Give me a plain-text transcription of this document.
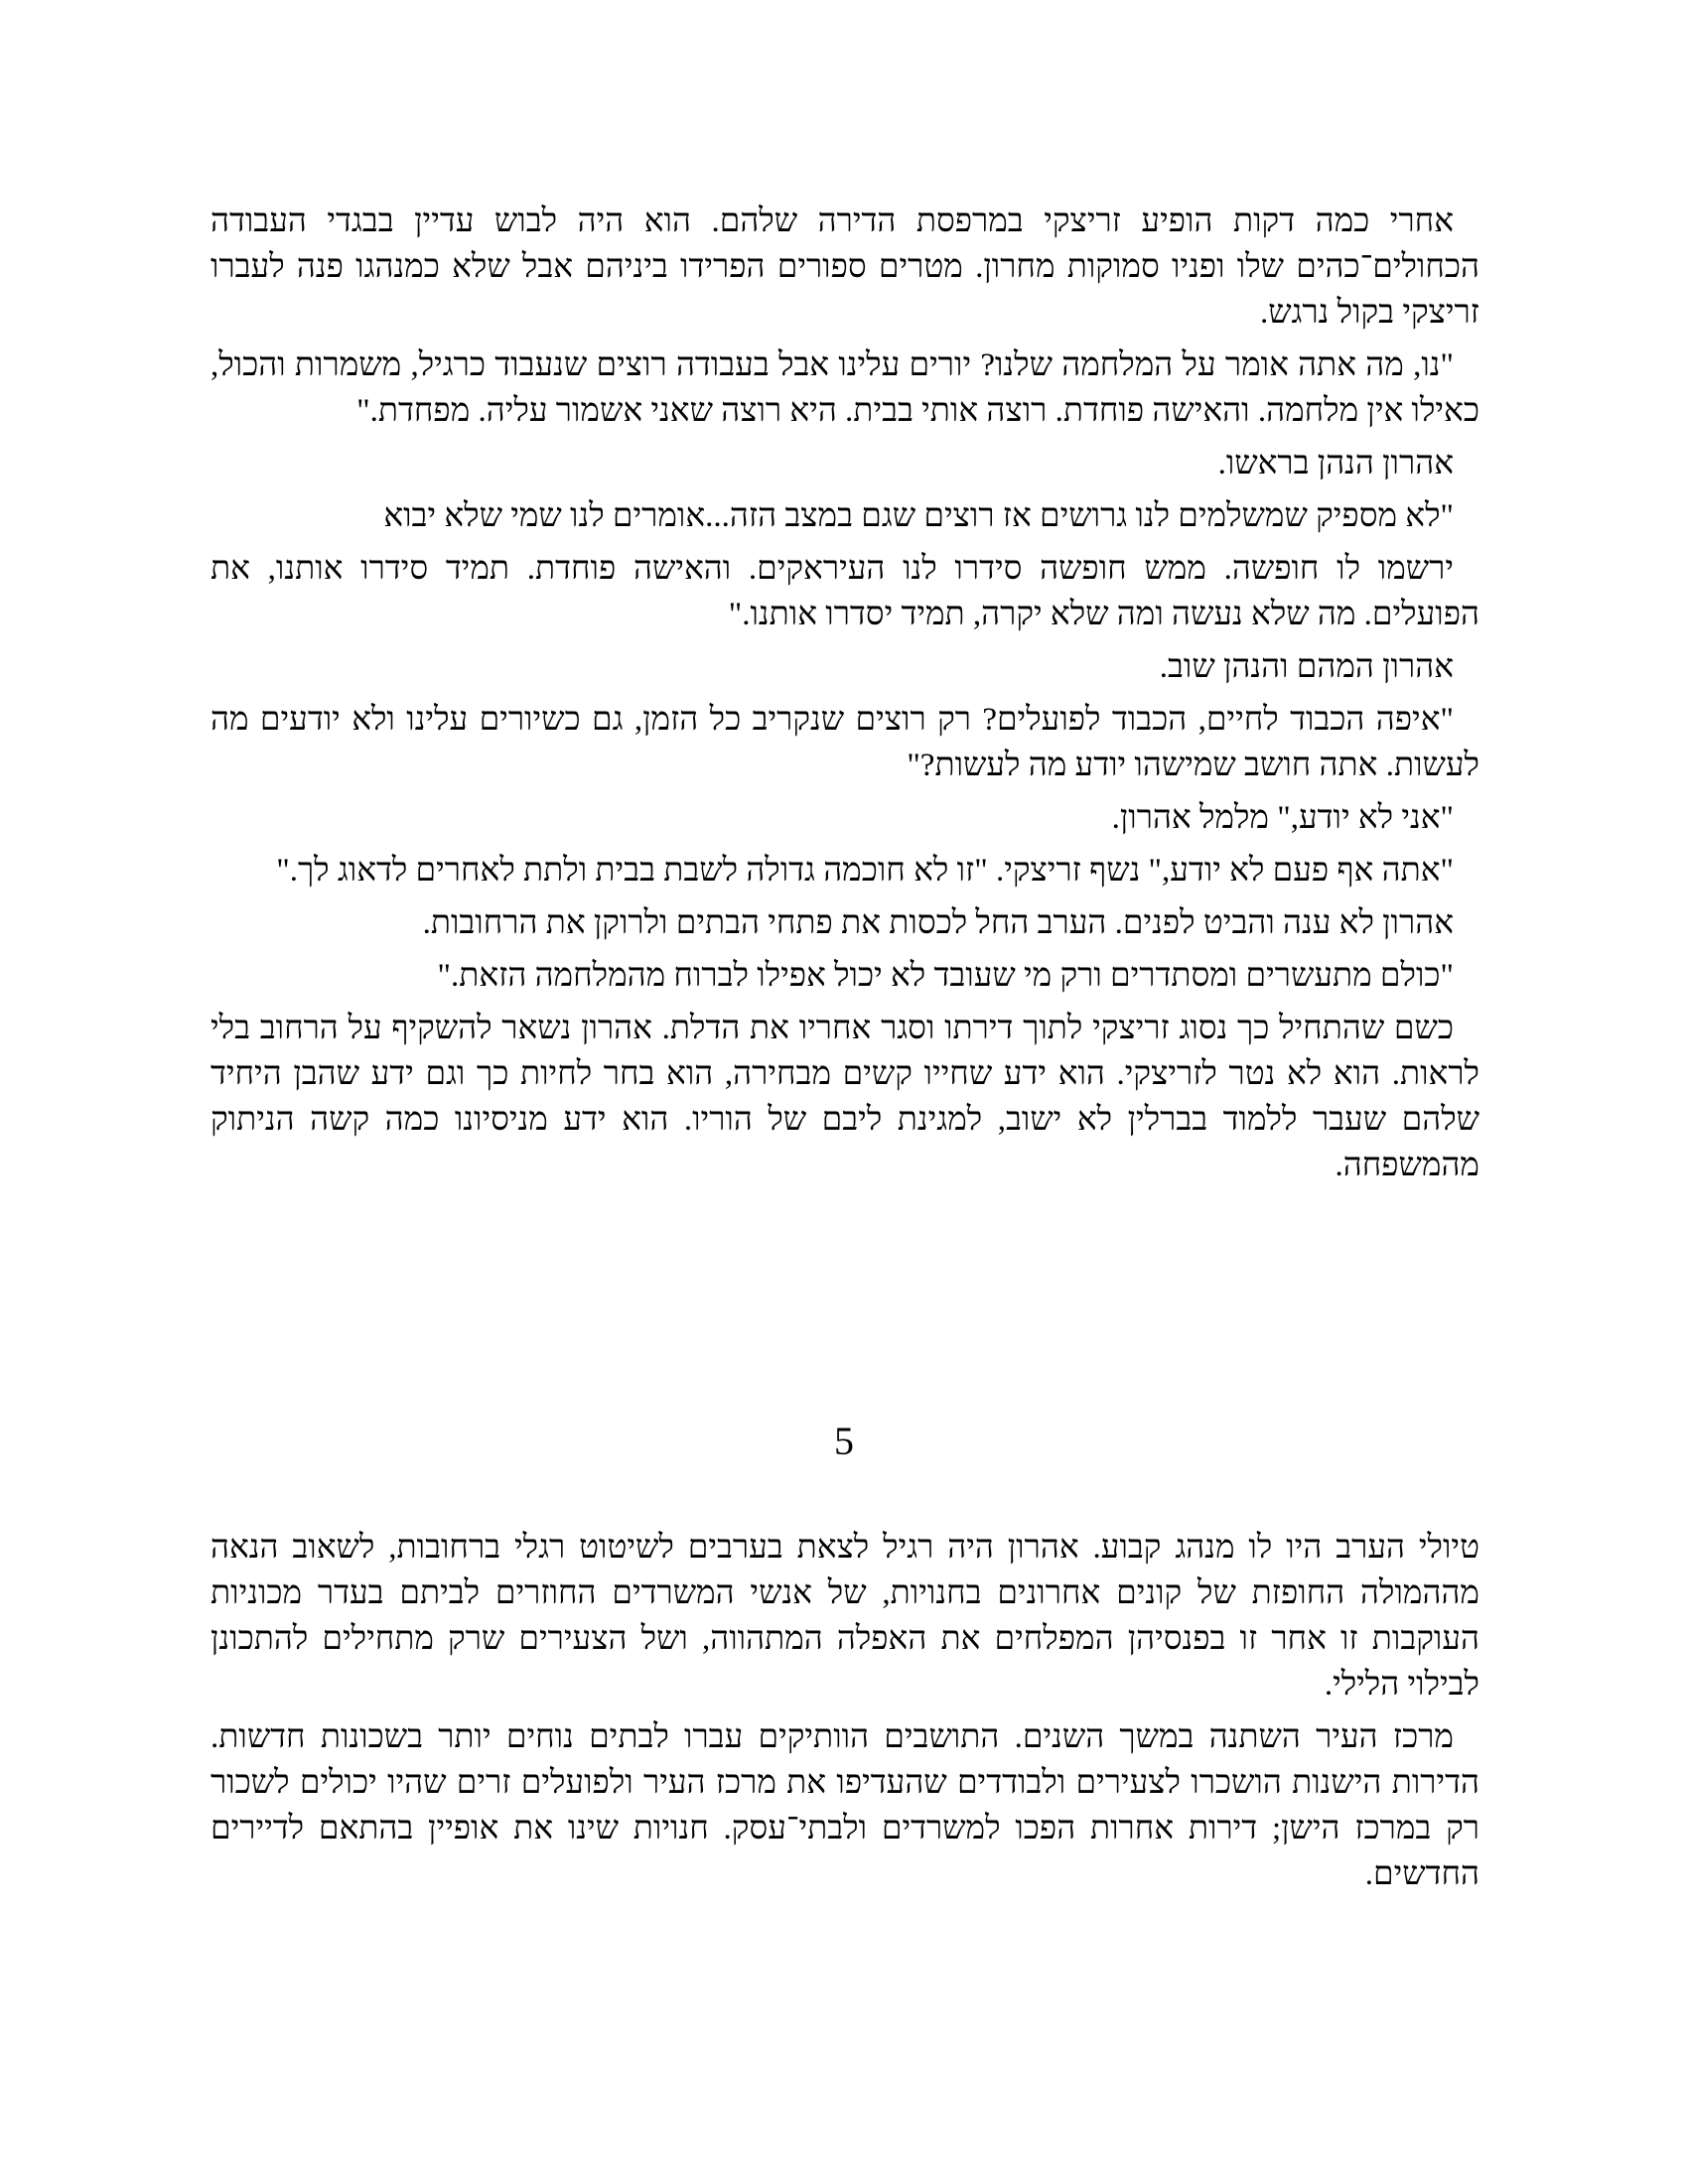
אחרי כמה דקות הופיע זריצקי במרפסת הדירה שלהם. הוא היה לבוש עדיין בבגדי העבודה הכחולים־כהים שלו ופניו סמוקות מחרון. מטרים ספורים הפרידו ביניהם אבל שלא כמנהגו פנה לעברו זריצקי בקול נרגש.

"נו, מה אתה אומר על המלחמה שלנו? יורים עלינו אבל בעבודה רוצים שנעבוד כרגיל, משמרות והכול, כאילו אין מלחמה. והאישה פוחדת. רוצה אותי בבית. היא רוצה שאני אשמור עליה. מפחדת."

אהרון הנהן בראשו.

"לא מספיק שמשלמים לנו גרושים אז רוצים שגם במצב הזה...אומרים לנו שמי שלא יבוא

ירשמו לו חופשה. ממש חופשה סידרו לנו העיראקים. והאישה פוחדת. תמיד סידרו אותנו, את הפועלים. מה שלא נעשה ומה שלא יקרה, תמיד יסדרו אותנו."

אהרון המהם והנהן שוב.

"איפה הכבוד לחיים, הכבוד לפועלים? רק רוצים שנקריב כל הזמן, גם כשיורים עלינו ולא יודעים מה לעשות. אתה חושב שמישהו יודע מה לעשות?"

"אני לא יודע," מלמל אהרון.

"אתה אף פעם לא יודע," נשף זריצקי. "זו לא חוכמה גדולה לשבת בבית ולתת לאחרים לדאוג לך."

אהרון לא ענה והביט לפנים. הערב החל לכסות את פתחי הבתים ולרוקן את הרחובות.

"כולם מתעשרים ומסתדרים ורק מי שעובד לא יכול אפילו לברוח מהמלחמה הזאת."

כשם שהתחיל כך נסוג זריצקי לתוך דירתו וסגר אחריו את הדלת. אהרון נשאר להשקיף על הרחוב בלי לראות. הוא לא נטר לזריצקי. הוא ידע שחייו קשים מבחירה, הוא בחר לחיות כך וגם ידע שהבן היחיד שלהם שעבר ללמוד בברלין לא ישוב, למגינת ליבם של הוריו. הוא ידע מניסיונו כמה קשה הניתוק מהמשפחה.

5

טיולי הערב היו לו מנהג קבוע. אהרון היה רגיל לצאת בערבים לשיטוט רגלי ברחובות, לשאוב הנאה מההמולה החופזת של קונים אחרונים בחנויות, של אנשי המשרדים החוזרים לביתם בעדר מכוניות העוקבות זו אחר זו בפנסיהן המפלחים את האפלה המתהווה, ושל הצעירים שרק מתחילים להתכונן לבילוי הלילי.

מרכז העיר השתנה במשך השנים. התושבים הוותיקים עברו לבתים נוחים יותר בשכונות חדשות. הדירות הישנות הושכרו לצעירים ולבודדים שהעדיפו את מרכז העיר ולפועלים זרים שהיו יכולים לשכור רק במרכז הישן; דירות אחרות הפכו למשרדים ולבתי־עסק. חנויות שינו את אופיין בהתאם לדיירים החדשים.
